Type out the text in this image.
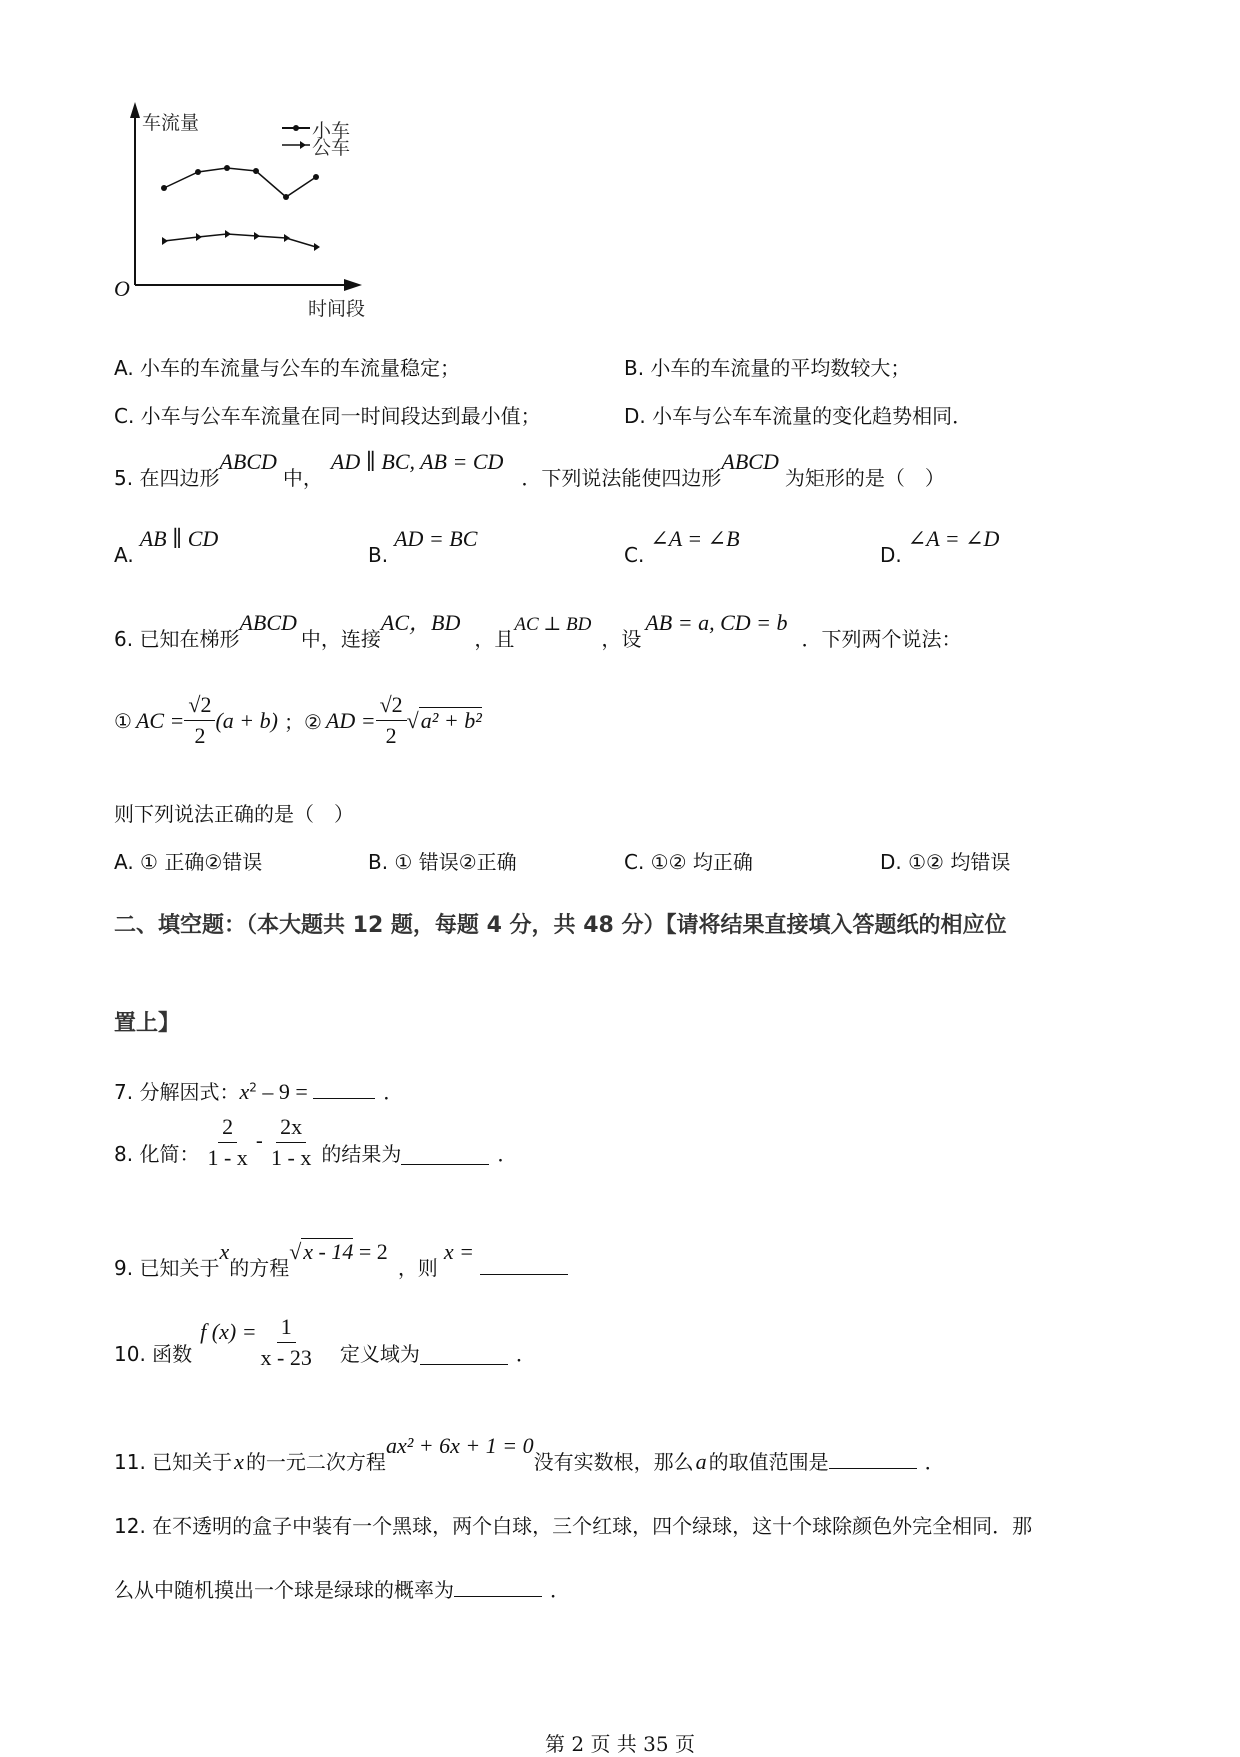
车流量	小车
公车
O
时间段
A. 小车的车流量与公车的车流量稳定；	B. 小车的车流量的平均数较大；
C. 小车与公车车流量在同一时间段达到最小值；	D. 小车与公车车流量的变化趋势相同．
5. 在四边形ABCD中，AD ∥ BC, AB = CD．下列说法能使四边形ABCD为矩形的是（　）
A.AB ∥ CD
B.AD = BC
C.∠A = ∠B
D.∠A = ∠D
6. 已知在梯形ABCD中，连接AC，BD，且AC ⊥ BD，设AB = a, CD = b．下列两个说法：
① AC = $\frac{√2}{2} (a + b)$ ；② AD = $\frac{√2}{2}$ √ a² + b²
则下列说法正确的是（　）
A. ① 正确②错误	B. ① 错误②正确	C. ①② 均正确	D. ①② 均错误
二、填空题：（本大题共 12 题，每题 4 分，共 48 分）【请将结果直接填入答题纸的相应位
置上】
7. 分解因式：$x^2 - 9$ =	．
8. 化简： $\frac{2}{1 - x} - \frac{2x}{1 - x}$ 的结果为	．
9. 已知关于x的方程√x - 14 = 2，则x =
10. 函数
f $(x) = \frac{1}{x - 23}$ 定义域为	．
11. 已知关于x 的一元二次方程ax² + 6x + 1 = 0没有实数根，那么a 的取值范围是	．
12. 在不透明的盒子中装有一个黑球，两个白球，三个红球，四个绿球，这十个球除颜色外完全相同．那
么从中随机摸出一个球是绿球的概率为	．
第 2 页 共 35 页
